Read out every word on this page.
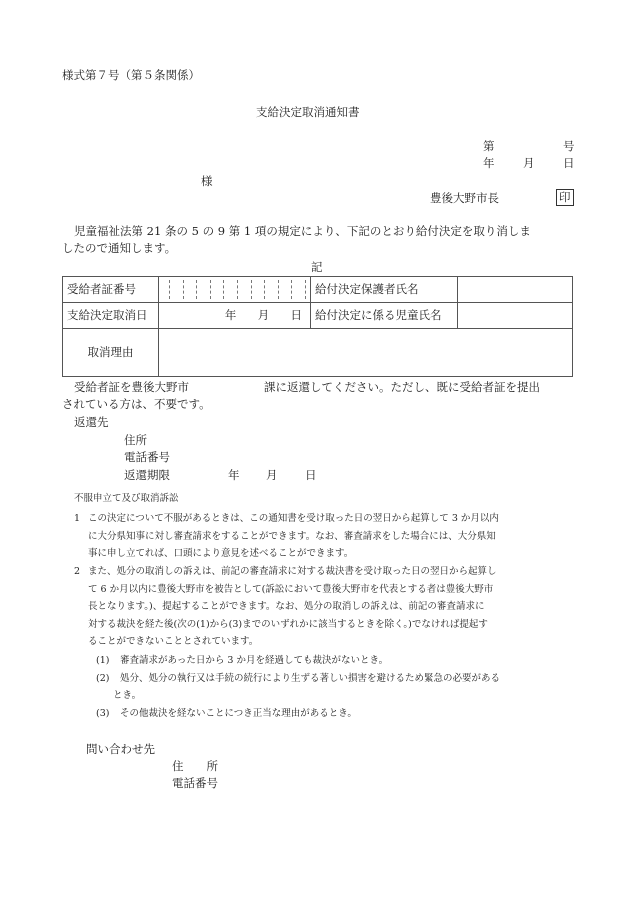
様式第７号（第５条関係）
支給決定取消通知書
第	号
年 月 日
様
豊後大野市長	印
児童福祉法第 21 条の 5 の 9 第 1 項の規定により、下記のとおり給付決定を取り消しま
したので通知します。
記
受給者証番号		給付決定保護者氏名	
支給決定取消日	年 月 日	給付決定に係る児童氏名	
取消理由			
受給者証を豊後大野市	課に返還してください。ただし、既に受給者証を提出
されている方は、不要です。
返還先
住所
電話番号
返還期限	年 月 日
不服申立て及び取消訴訟
1 この決定について不服があるときは、この通知書を受け取った日の翌日から起算して 3 か月以内
に大分県知事に対し審査請求をすることができます。なお、審査請求をした場合には、大分県知
事に申し立てれば、口頭により意見を述べることができます。
2 また、処分の取消しの訴えは、前記の審査請求に対する裁決書を受け取った日の翌日から起算し
て 6 か月以内に豊後大野市を被告として(訴訟において豊後大野市を代表とする者は豊後大野市
長となります。)、提起することができます。なお、処分の取消しの訴えは、前記の審査請求に
対する裁決を経た後(次の(1)から(3)までのいずれかに該当するときを除く。)でなければ提起す
ることができないこととされています。
(1) 審査請求があった日から 3 か月を経過しても裁決がないとき。
(2) 処分、処分の執行又は手続の続行により生ずる著しい損害を避けるため緊急の必要がある
とき。
(3) その他裁決を経ないことにつき正当な理由があるとき。
問い合わせ先
住　　所
電話番号
